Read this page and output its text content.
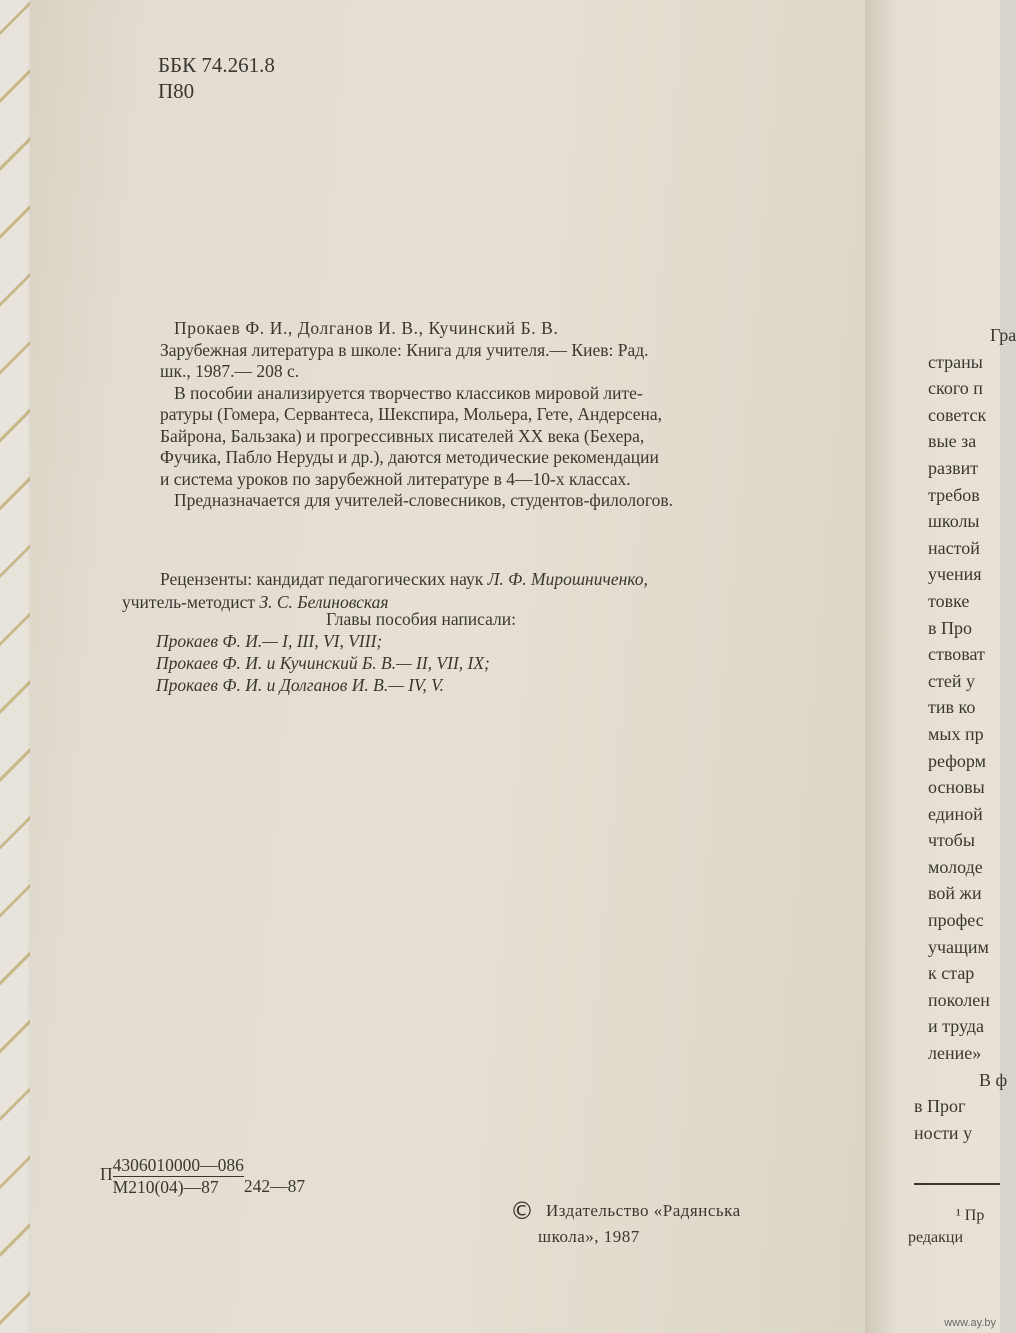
ББК 74.261.8
П80

Прокаев Ф. И., Долганов И. В., Кучинский Б. В.

Зарубежная литература в школе: Книга для учителя.— Киев: Рад.

шк., 1987.— 208 с.

В пособии анализируется творчество классиков мировой лите-

ратуры (Гомера, Сервантеса, Шекспира, Мольера, Гете, Андерсена,

Байрона, Бальзака) и прогрессивных писателей XX века (Бехера,

Фучика, Пабло Неруды и др.), даются методические рекомендации

и система уроков по зарубежной литературе в 4—10-х классах.

Предназначается для учителей-словесников, студентов-филологов.

Рецензенты: кандидат педагогических наук Л. Ф. Мирошниченко,
учитель-методист З. С. Белиновская
Главы пособия написали:
Прокаев Ф. И.— I, III, VI, VIII;
Прокаев Ф. И. и Кучинский Б. В.— II, VII, IX;
Прокаев Ф. И. и Долганов И. В.— IV, V.
П $\frac{4306010000—086}{М210(04)—87}$ 242—87
© Издательство «Радянська
школа», 1987
Гра
страны
ского п
советск
вые за
развит
требов
школы
настой
учения
товке
в Про
ствоват
стей у
тив ко
мых пр
реформ
основы
единой
чтобы
молоде
вой жи
профес
учащим
к стар
поколен
и труда
ление»
В ф
в Прог
ности у
¹ Пр
редакци
www.ay.by
